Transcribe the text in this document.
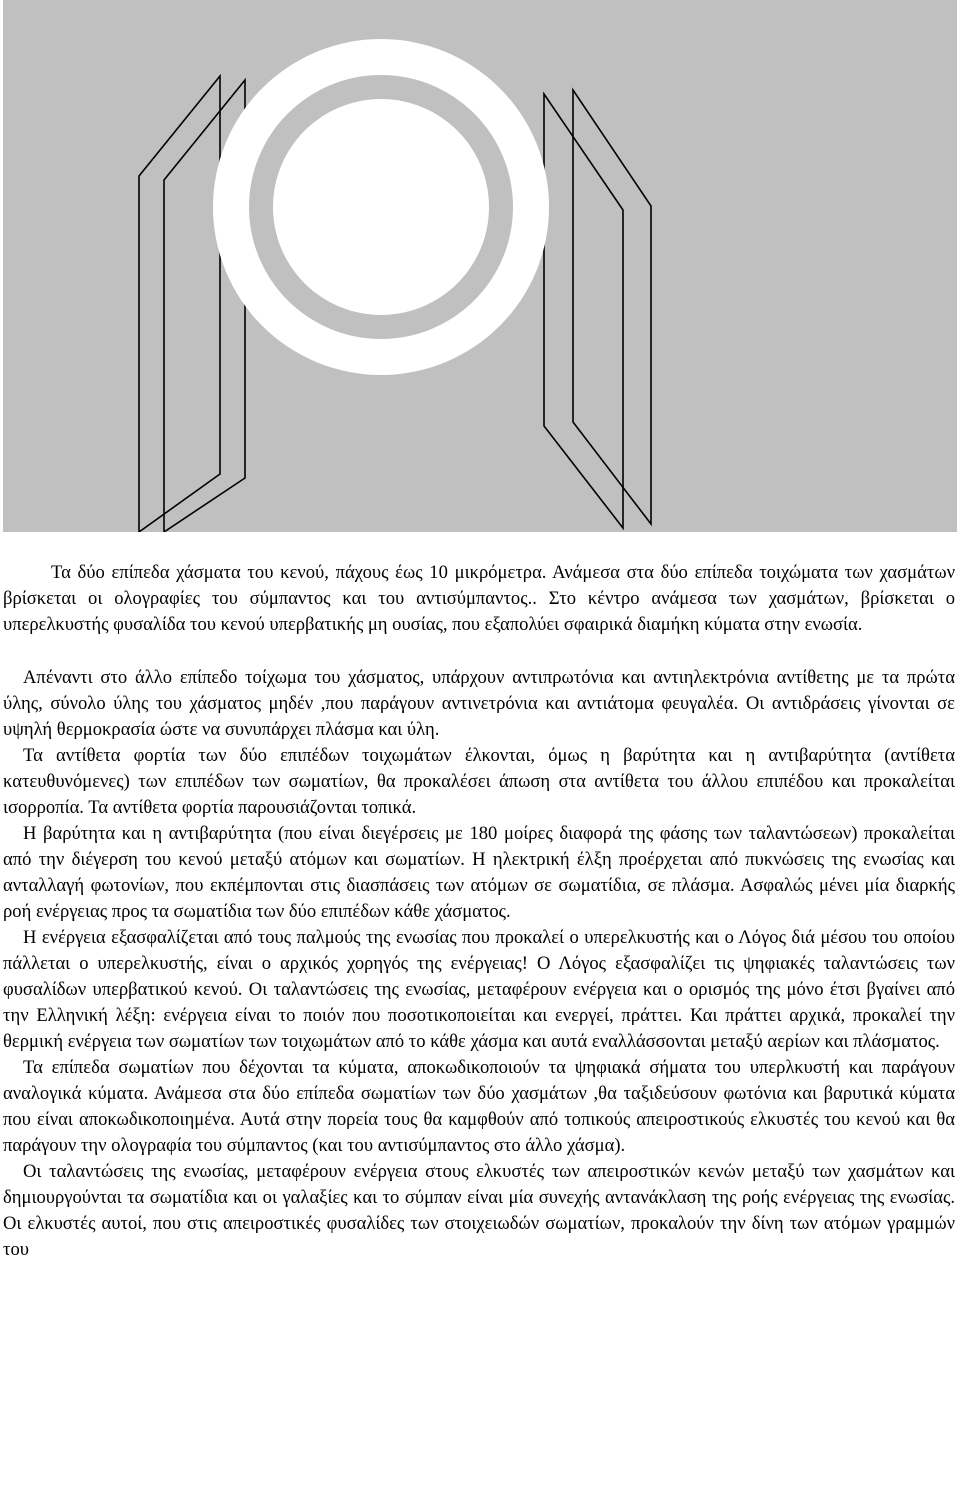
Τα δύο επίπεδα χάσματα του κενού, πάχους έως 10 μικρόμετρα. Ανάμεσα στα δύο επίπεδα τοιχώματα των χασμάτων βρίσκεται οι ολογραφίες του σύμπαντος και του αντισύμπαντος.. Στο κέντρο ανάμεσα των χασμάτων, βρίσκεται ο υπερελκυστής φυσαλίδα του κενού υπερβατικής μη ουσίας, που εξαπολύει σφαιρικά διαμήκη κύματα στην ενωσία.

Απέναντι στο άλλο επίπεδο τοίχωμα του χάσματος, υπάρχουν αντιπρωτόνια και αντιηλεκτρόνια αντίθετης με τα πρώτα ύλης, σύνολο ύλης του χάσματος μηδέν ,που παράγουν αντινετρόνια και αντιάτομα φευγαλέα. Οι αντιδράσεις γίνονται σε υψηλή θερμοκρασία ώστε να συνυπάρχει πλάσμα και ύλη.

Τα αντίθετα φορτία των δύο επιπέδων τοιχωμάτων έλκονται, όμως η βαρύτητα και η αντιβαρύτητα (αντίθετα κατευθυνόμενες) των επιπέδων των σωματίων, θα προκαλέσει άπωση στα αντίθετα του άλλου επιπέδου και προκαλείται ισορροπία. Τα αντίθετα φορτία παρουσιάζονται τοπικά.

Η βαρύτητα και η αντιβαρύτητα (που είναι διεγέρσεις με 180 μοίρες διαφορά της φάσης των ταλαντώσεων) προκαλείται από την διέγερση του κενού μεταξύ ατόμων και σωματίων. Η ηλεκτρική έλξη προέρχεται από πυκνώσεις της ενωσίας και ανταλλαγή φωτονίων, που εκπέμπονται στις διασπάσεις των ατόμων σε σωματίδια, σε πλάσμα. Ασφαλώς μένει μία διαρκής ροή ενέργειας προς τα σωματίδια των δύο επιπέδων κάθε χάσματος.

Η ενέργεια εξασφαλίζεται από τους παλμούς της ενωσίας που προκαλεί ο υπερελκυστής και ο Λόγος διά μέσου του οποίου πάλλεται ο υπερελκυστής, είναι ο αρχικός χορηγός της ενέργειας! Ο Λόγος εξασφαλίζει τις ψηφιακές ταλαντώσεις των φυσαλίδων υπερβατικού κενού. Οι ταλαντώσεις της ενωσίας, μεταφέρουν ενέργεια και ο ορισμός της μόνο έτσι βγαίνει από την Ελληνική λέξη: ενέργεια είναι το ποιόν που ποσοτικοποιείται και ενεργεί, πράττει. Και πράττει αρχικά, προκαλεί την θερμική ενέργεια των σωματίων των τοιχωμάτων από το κάθε χάσμα και αυτά εναλλάσσονται μεταξύ αερίων και πλάσματος.

Τα επίπεδα σωματίων που δέχονται τα κύματα, αποκωδικοποιούν τα ψηφιακά σήματα του υπερλκυστή και παράγουν αναλογικά κύματα. Ανάμεσα στα δύο επίπεδα σωματίων των δύο χασμάτων ,θα ταξιδεύσουν φωτόνια και βαρυτικά κύματα που είναι αποκωδικοποιημένα. Αυτά στην πορεία τους θα καμφθούν από τοπικούς απειροστικούς ελκυστές του κενού και θα παράγουν την ολογραφία του σύμπαντος (και του αντισύμπαντος στο άλλο χάσμα).

Οι ταλαντώσεις της ενωσίας, μεταφέρουν ενέργεια στους ελκυστές των απειροστικών κενών μεταξύ των χασμάτων και δημιουργούνται τα σωματίδια και οι γαλαξίες και το σύμπαν είναι μία συνεχής αντανάκλαση της ροής ενέργειας της ενωσίας. Οι ελκυστές αυτοί, που στις απειροστικές φυσαλίδες των στοιχειωδών σωματίων, προκαλούν την δίνη των ατόμων γραμμών του
